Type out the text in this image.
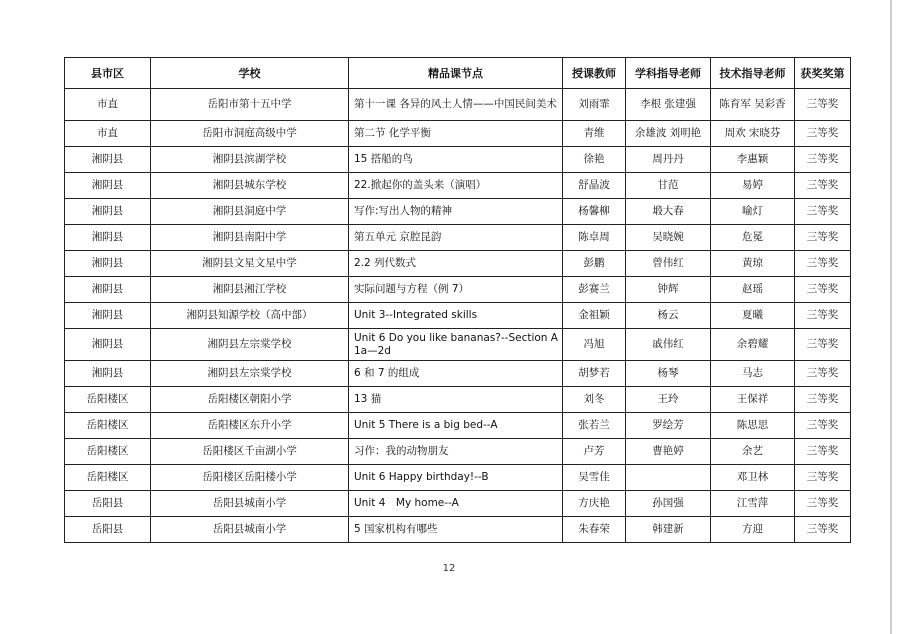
县市区	学校	精品课节点	授课教师	学科指导老师	技术指导老师	获奖奖第
市直	岳阳市第十五中学	第十一课 各异的风土人情——中国民间美术	刘雨霏	李根 张建强	陈育军 吴彩香	三等奖
市直	岳阳市洞庭高级中学	第二节 化学平衡	青维	余雄波 刘明艳	周欢 宋晓芬	三等奖
湘阴县	湘阴县滨湖学校	15 搭船的鸟	徐艳	周丹丹	李惠颖	三等奖
湘阴县	湘阴县城东学校	22.掀起你的盖头来（演唱）	舒晶波	甘范	易婷	三等奖
湘阴县	湘阴县洞庭中学	写作:写出人物的精神	杨馨柳	塅大春	喻灯	三等奖
湘阴县	湘阴县南阳中学	第五单元 京腔昆韵	陈卓周	吴晓婉	危冕	三等奖
湘阴县	湘阴县文星文星中学	2.2 列代数式	彭鹏	曾伟红	黄琼	三等奖
湘阴县	湘阴县湘江学校	实际问题与方程（例 7）	彭赛兰	钟辉	赵瑶	三等奖
湘阴县	湘阴县知源学校（高中部）	Unit 3--Integrated skills	金祖颖	杨云	夏曦	三等奖
湘阴县	湘阴县左宗棠学校	Unit 6 Do you like bananas?--Section A 1a—2d	冯旭	戚伟红	余碧耀	三等奖
湘阴县	湘阴县左宗棠学校	6 和 7 的组成	胡梦若	杨琴	马志	三等奖
岳阳楼区	岳阳楼区朝阳小学	13 猫	刘冬	王玲	王保祥	三等奖
岳阳楼区	岳阳楼区东升小学	Unit 5 There is a big bed--A	张若兰	罗绘芳	陈思思	三等奖
岳阳楼区	岳阳楼区千亩湖小学	习作：我的动物朋友	卢芳	曹艳婷	余艺	三等奖
岳阳楼区	岳阳楼区岳阳楼小学	Unit 6 Happy birthday!--B	吴雪佳		邓卫林	三等奖
岳阳县	岳阳县城南小学	Unit 4　My home--A	方庆艳	孙国强	江雪萍	三等奖
岳阳县	岳阳县城南小学	5 国家机构有哪些	朱春荣	韩建新	方迎	三等奖
12
